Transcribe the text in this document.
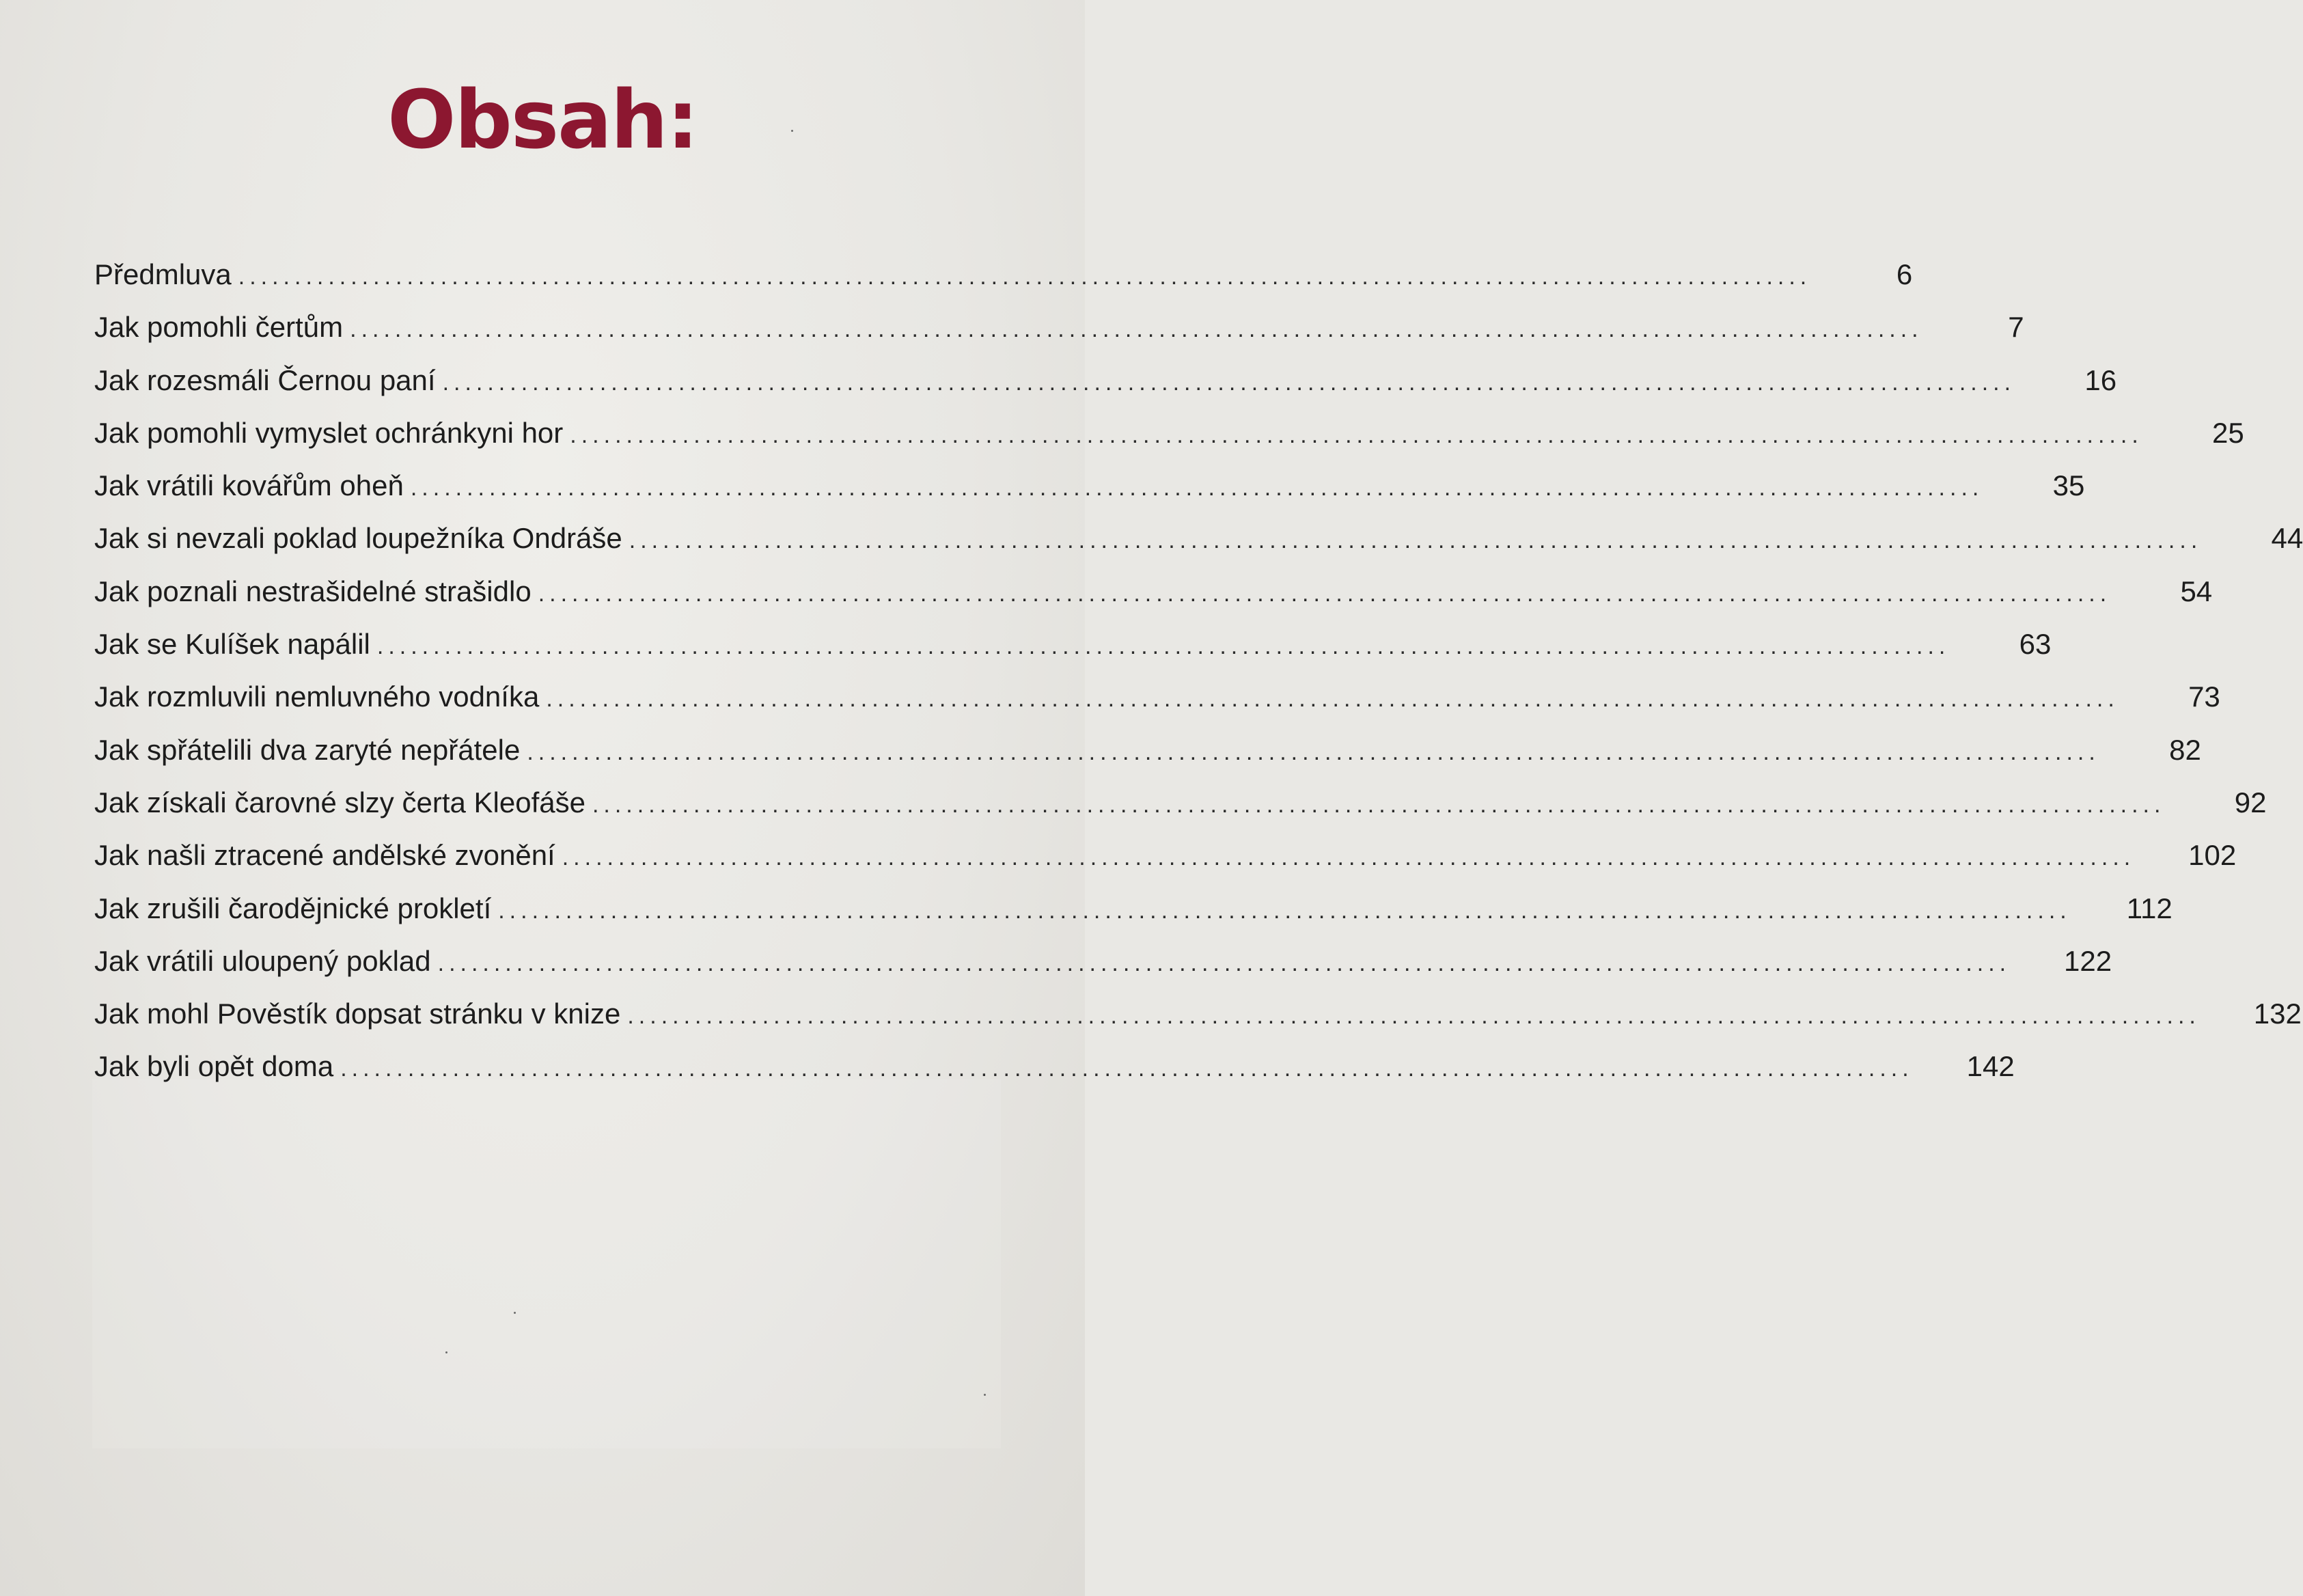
Obsah:
Předmluva ............................................................................................................................................	6
Jak pomohli čertům ............................................................................................................................................	7
Jak rozesmáli Černou paní ............................................................................................................................................	16
Jak pomohli vymyslet ochránkyni hor ............................................................................................................................................	25
Jak vrátili kovářům oheň ............................................................................................................................................	35
Jak si nevzali poklad loupežníka Ondráše ............................................................................................................................................	44
Jak poznali nestrašidelné strašidlo ............................................................................................................................................	54
Jak se Kulíšek napálil ............................................................................................................................................	63
Jak rozmluvili nemluvného vodníka ............................................................................................................................................	73
Jak spřátelili dva zaryté nepřátele ............................................................................................................................................	82
Jak získali čarovné slzy čerta Kleofáše ............................................................................................................................................	92
Jak našli ztracené andělské zvonění ............................................................................................................................................	102
Jak zrušili čarodějnické prokletí ............................................................................................................................................	112
Jak vrátili uloupený poklad ............................................................................................................................................	122
Jak mohl Pověstík dopsat stránku v knize ............................................................................................................................................	132
Jak byli opět doma ............................................................................................................................................	142
